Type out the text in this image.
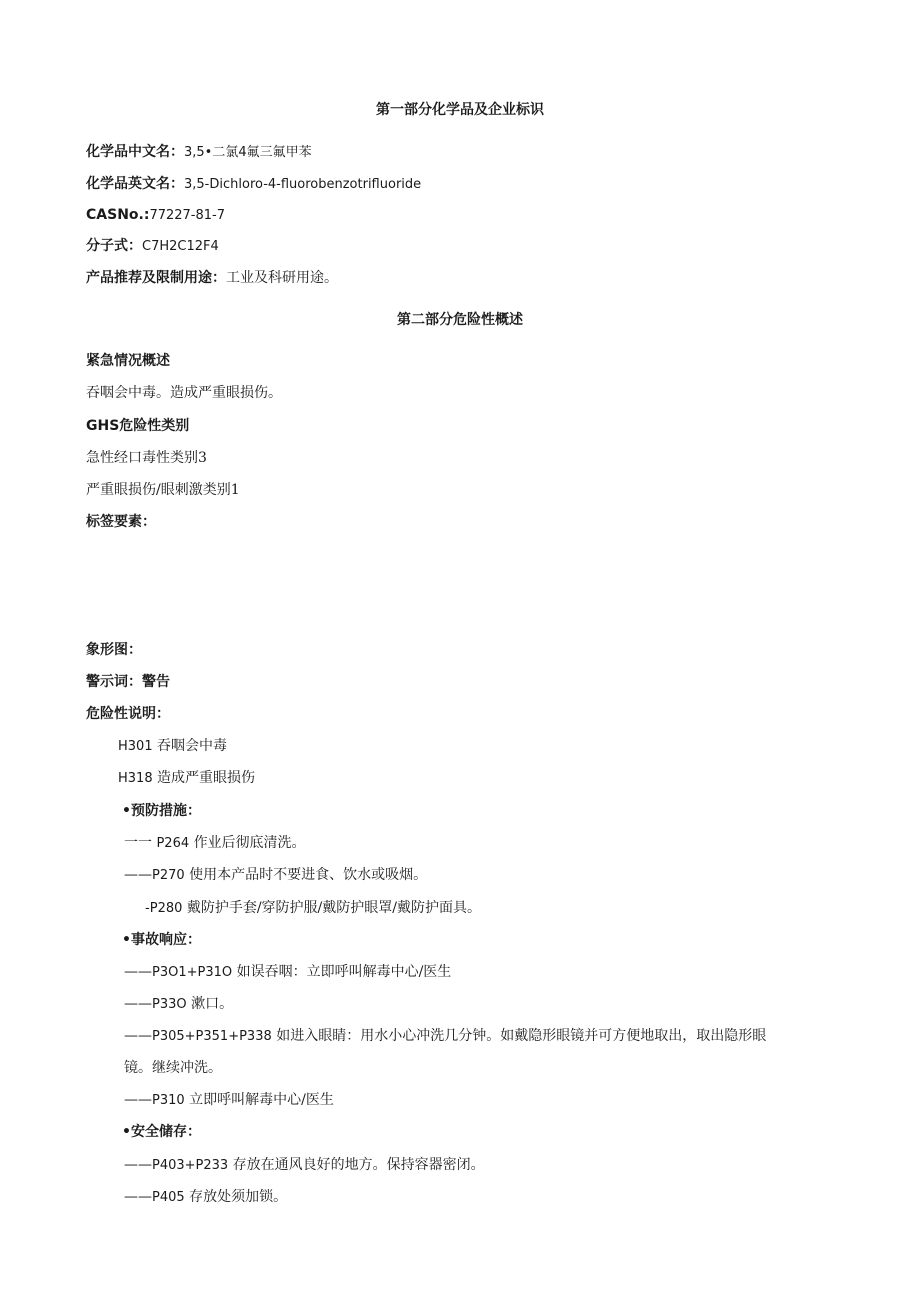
第一部分化学品及企业标识
化学品中文名：3,5•二氯4氟三氟甲苯
化学品英文名：3,5-Dichloro-4-fluorobenzotrifluoride
CASNo.:77227-81-7
分子式：C7H2C12F4
产品推荐及限制用途：工业及科研用途。
第二部分危险性概述
紧急情况概述
吞咽会中毒。造成严重眼损伤。
GHS危险性类别
急性经口毒性类别3
严重眼损伤/眼刺激类别1
标签要素：
象形图：
警示词：警告
危险性说明：
H301 吞咽会中毒
H318 造成严重眼损伤
•预防措施：
一一 P264 作业后彻底清洗。
——P270 使用本产品时不要进食、饮水或吸烟。
-P280 戴防护手套/穿防护服/戴防护眼罩/戴防护面具。
•事故响应：
——P3O1+P31O 如误吞咽：立即呼叫解毒中心/医生
——P33O 漱口。
——P305+P351+P338 如进入眼睛：用水小心冲洗几分钟。如戴隐形眼镜并可方便地取出，取出隐形眼
镜。继续冲洗。
——P310 立即呼叫解毒中心/医生
•安全储存：
——P403+P233 存放在通风良好的地方。保持容器密闭。
——P405 存放处须加锁。
